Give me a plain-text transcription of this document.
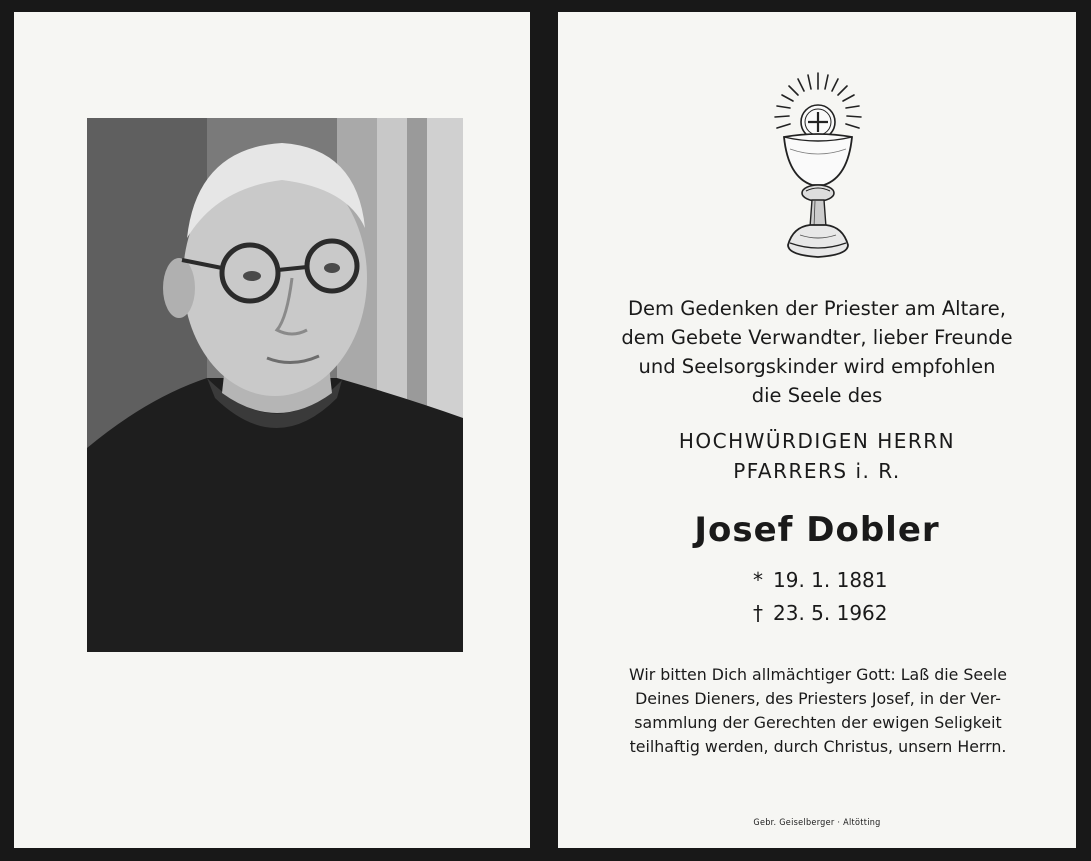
Dem Gedenken der Priester am Altare,
dem Gebete Verwandter, lieber Freunde
und Seelsorgskinder wird empfohlen
die Seele des
HOCHWÜRDIGEN HERRN
PFARRERS i. R.
Josef Dobler
* 19. 1. 1881
† 23. 5. 1962
Wir bitten Dich allmächtiger Gott: Laß die Seele
Deines Dieners, des Priesters Josef, in der Ver-
sammlung der Gerechten der ewigen Seligkeit
teilhaftig werden, durch Christus, unsern Herrn.
Gebr. Geiselberger · Altötting
